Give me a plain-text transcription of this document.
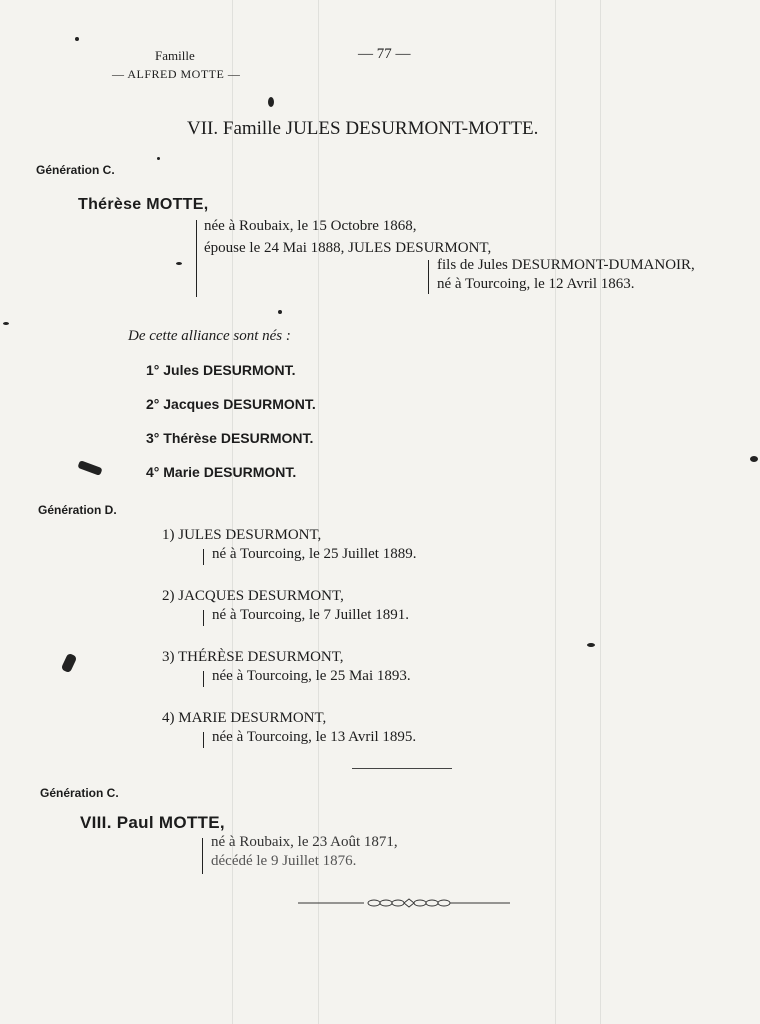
Famille
— ALFRED MOTTE —
— 77 —
VII. Famille JULES DESURMONT-MOTTE.
Génération C.
Thérèse MOTTE,
née à Roubaix, le 15 Octobre 1868,
épouse le 24 Mai 1888, JULES DESURMONT,
fils de Jules DESURMONT-DUMANOIR,
né à Tourcoing, le 12 Avril 1863.
De cette alliance sont nés :
1° Jules DESURMONT.
2° Jacques DESURMONT.
3° Thérèse DESURMONT.
4° Marie DESURMONT.
Génération D.
1) JULES DESURMONT,
né à Tourcoing, le 25 Juillet 1889.
2) JACQUES DESURMONT,
né à Tourcoing, le 7 Juillet 1891.
3) THÉRÈSE DESURMONT,
née à Tourcoing, le 25 Mai 1893.
4) MARIE DESURMONT,
née à Tourcoing, le 13 Avril 1895.
Génération C.
VIII. Paul MOTTE,
né à Roubaix, le 23 Août 1871,
décédé le 9 Juillet 1876.
